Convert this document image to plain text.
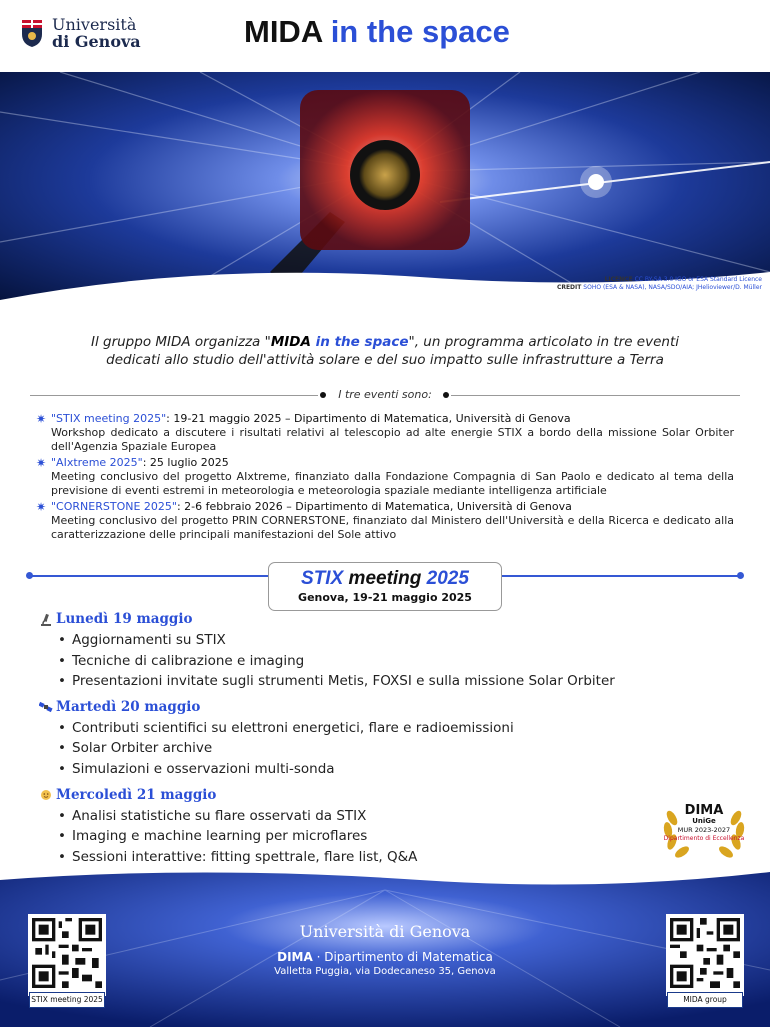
Università
di Genova	MIDA in the space
LICENCE CC BY-SA 3.0 IGO or ESA Standard Licence
CREDIT SOHO (ESA & NASA), NASA/SDO/AIA; JHelioviewer/D. Müller
Il gruppo MIDA organizza "MIDA in the space", un programma articolato in tre eventi
dedicati allo studio dell'attività solare e del suo impatto sulle infrastrutture a Terra
I tre eventi sono:
✷ "STIX meeting 2025" : 19-21 maggio 2025 – Dipartimento di Matematica, Università di Genova
Workshop dedicato a discutere i risultati relativi al telescopio ad alte energie STIX a bordo della missione Solar Orbiter dell'Agenzia Spaziale Europea
✷ "AIxtreme 2025" : 25 luglio 2025
Meeting conclusivo del progetto AIxtreme, finanziato dalla Fondazione Compagnia di San Paolo e dedicato al tema della previsione di eventi estremi in meteorologia e meteorologia spaziale mediante intelligenza artificiale
✷ "CORNERSTONE 2025" : 2-6 febbraio 2026 – Dipartimento di Matematica, Università di Genova
Meeting conclusivo del progetto PRIN CORNERSTONE, finanziato dal Ministero dell'Università e della Ricerca e dedicato alla caratterizzazione delle principali manifestazioni del Sole attivo
STIX meeting 2025
Genova, 19-21 maggio 2025
Lunedì 19 maggio
• Aggiornamenti su STIX
• Tecniche di calibrazione e imaging
• Presentazioni invitate sugli strumenti Metis, FOXSI e sulla missione Solar Orbiter
Martedì 20 maggio
• Contributi scientifici su elettroni energetici, flare e radioemissioni
• Solar Orbiter archive
• Simulazioni e osservazioni multi-sonda
Mercoledì 21 maggio
• Analisi statistiche su flare osservati da STIX
• Imaging e machine learning per microflares
• Sessioni interattive: fitting spettrale, flare list, Q&A
DIMA
UniGe
MUR 2023-2027
Dipartimento di Eccellenza
Università di Genova
DIMA · Dipartimento di Matematica
Valletta Puggia, via Dodecaneso 35, Genova
STIX meeting 2025	MIDA group
